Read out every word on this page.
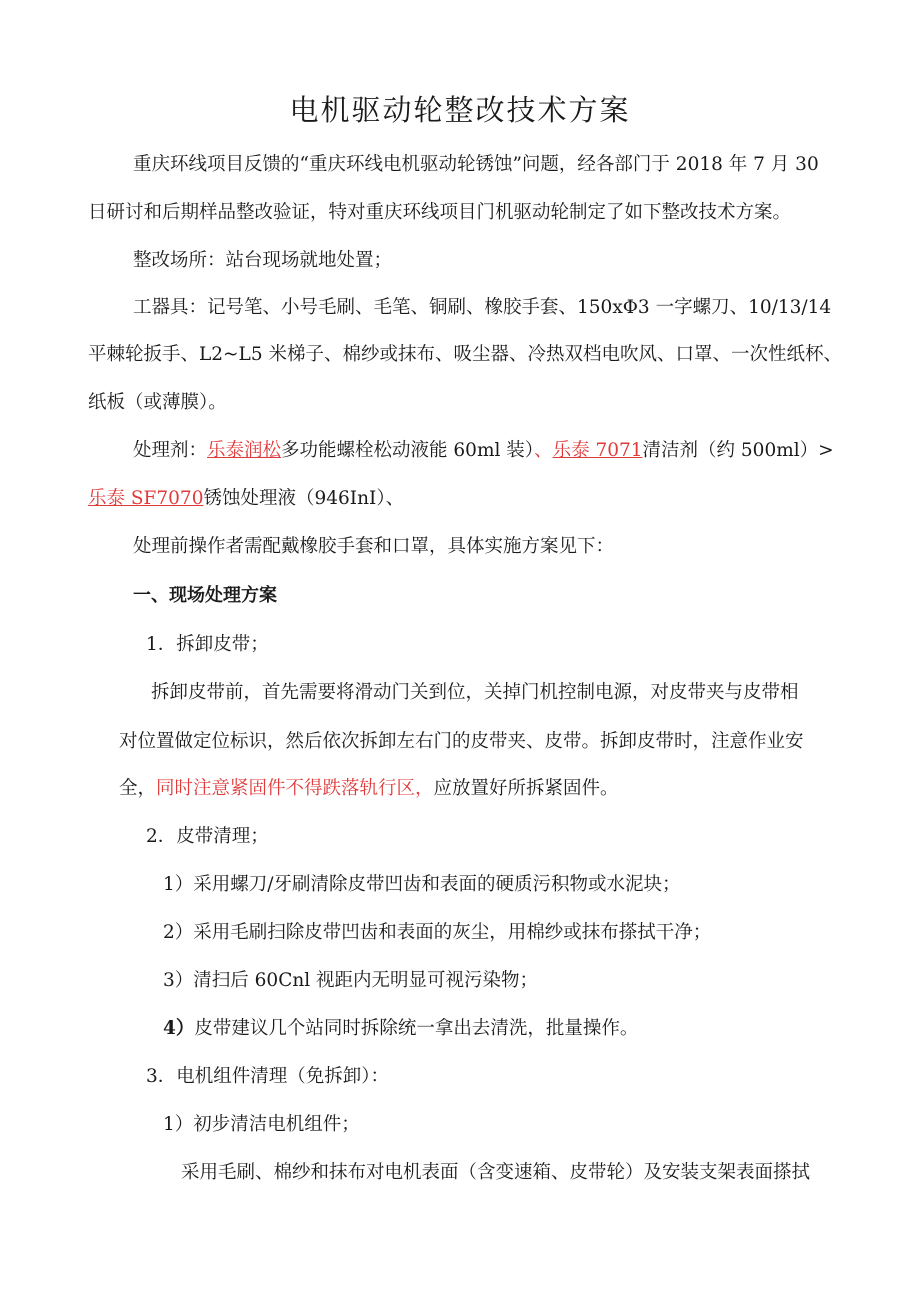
电机驱动轮整改技术方案
重庆环线项目反馈的“重庆环线电机驱动轮锈蚀”问题，经各部门于 2018 年 7 月 30
日研讨和后期样品整改验证，特对重庆环线项目门机驱动轮制定了如下整改技术方案。
整改场所：站台现场就地处置；
工器具：记号笔、小号毛刷、毛笔、铜刷、橡胶手套、150xΦ3 一字螺刀、10/13/14
平棘轮扳手、L2~L5 米梯子、棉纱或抹布、吸尘器、冷热双档电吹风、口罩、一次性纸杯、
纸板（或薄膜）。
处理剂：乐泰润松多功能螺栓松动液能 60ml 装）、乐泰 7071清洁剂（约 500ml）>
乐泰 SF7070锈蚀处理液（946InI）、
处理前操作者需配戴橡胶手套和口罩，具体实施方案见下：
一、现场处理方案
1．拆卸皮带；
拆卸皮带前，首先需要将滑动门关到位，关掉门机控制电源，对皮带夹与皮带相
对位置做定位标识，然后依次拆卸左右门的皮带夹、皮带。拆卸皮带时，注意作业安
全，同时注意紧固件不得跌落轨行区，应放置好所拆紧固件。
2．皮带清理；
1）采用螺刀/牙刷清除皮带凹齿和表面的硬质污积物或水泥块；
2）采用毛刷扫除皮带凹齿和表面的灰尘，用棉纱或抹布搽拭干净；
3）清扫后 60Cnl 视距内无明显可视污染物；
4）皮带建议几个站同时拆除统一拿出去清洗，批量操作。
3．电机组件清理（免拆卸）：
1）初步清洁电机组件；
采用毛刷、棉纱和抹布对电机表面（含变速箱、皮带轮）及安装支架表面搽拭
